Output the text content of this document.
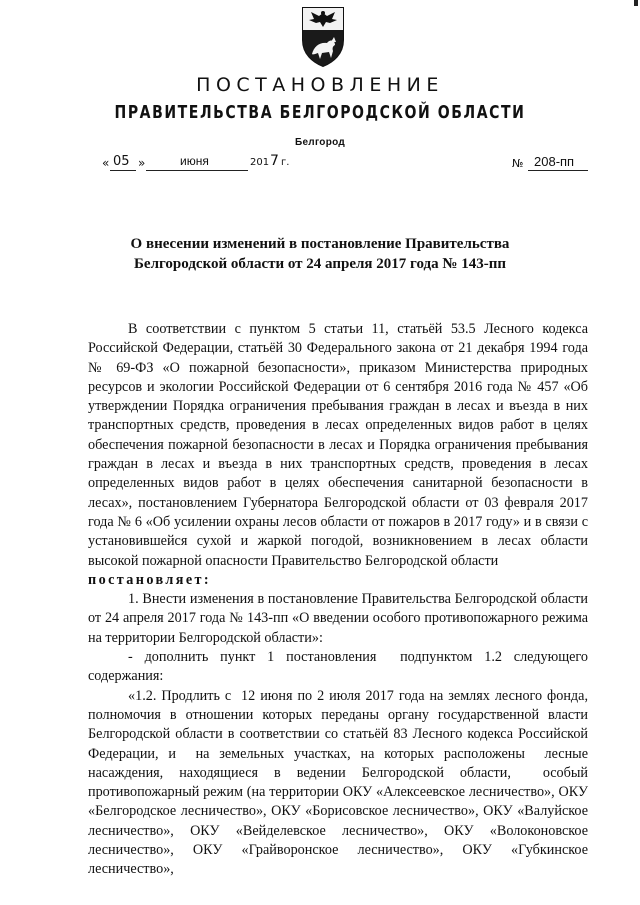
ПОСТАНОВЛЕНИЕ
ПРАВИТЕЛЬСТВА БЕЛГОРОДСКОЙ ОБЛАСТИ
Белгород
« 05 »	июня	201 7 г.	№ 208-пп
О внесении изменений в постановление Правительства
Белгородской области от 24 апреля 2017 года № 143-пп

В соответствии с пунктом 5 статьи 11, статьёй 53.5 Лесного кодекса Российской Федерации, статьёй 30 Федерального закона от 21 декабря 1994 года № 69-ФЗ «О пожарной безопасности», приказом Министерства природных ресурсов и экологии Российской Федерации от 6 сентября 2016 года № 457 «Об утверждении Порядка ограничения пребывания граждан в лесах и въезда в них транспортных средств, проведения в лесах определенных видов работ в целях обеспечения пожарной безопасности в лесах и Порядка ограничения пребывания граждан в лесах и въезда в них транспортных средств, проведения в лесах определенных видов работ в целях обеспечения санитарной безопасности в лесах», постановлением Губернатора Белгородской области от 03 февраля 2017 года № 6 «Об усилении охраны лесов области от пожаров в 2017 году» и в связи с установившейся сухой и жаркой погодой, возникновением в лесах области высокой пожарной опасности Правительство Белгородской области

постановляет:

1. Внести изменения в постановление Правительства Белгородской области от 24 апреля 2017 года № 143-пп «О введении особого противопожарного режима на территории Белгородской области»:

- дополнить пункт 1 постановления  подпунктом 1.2 следующего содержания:

«1.2. Продлить с  12 июня по 2 июля 2017 года на землях лесного фонда, полномочия в отношении которых переданы органу государственной власти Белгородской области в соответствии со статьёй 83 Лесного кодекса Российской Федерации, и  на земельных участках, на которых расположены  лесные насаждения, находящиеся в ведении Белгородской области,  особый противопожарный режим (на территории ОКУ «Алексеевское лесничество», ОКУ «Белгородское лесничество», ОКУ «Борисовское лесничество», ОКУ «Валуйское лесничество», ОКУ «Вейделевское лесничество», ОКУ «Волоконовское лесничество», ОКУ «Грайворонское лесничество», ОКУ «Губкинское лесничество»,
